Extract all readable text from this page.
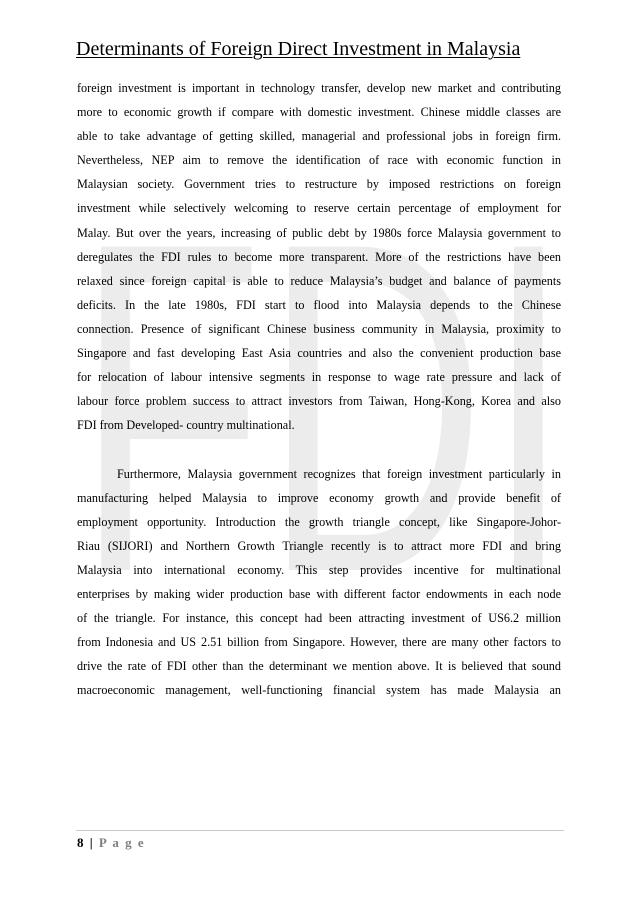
FDI
Determinants of Foreign Direct Investment in Malaysia
foreign investment is important in technology transfer, develop new market and contributing
more to economic growth if compare with domestic investment. Chinese middle classes are
able to take advantage of getting skilled, managerial and professional jobs in foreign firm.
Nevertheless, NEP aim to remove the identification of race with economic function in
Malaysian society. Government tries to restructure by imposed restrictions on foreign
investment while selectively welcoming to reserve certain percentage of employment for
Malay. But over the years, increasing of public debt by 1980s force Malaysia government to
deregulates the FDI rules to become more transparent. More of the restrictions have been
relaxed since foreign capital is able to reduce Malaysia’s budget and balance of payments
deficits. In the late 1980s, FDI start to flood into Malaysia depends to the Chinese
connection. Presence of significant Chinese business community in Malaysia, proximity to
Singapore and fast developing East Asia countries and also the convenient production base
for relocation of labour intensive segments in response to wage rate pressure and lack of
labour force problem success to attract investors from Taiwan, Hong-Kong, Korea and also
FDI from Developed- country multinational.
Furthermore, Malaysia government recognizes that foreign investment particularly in
manufacturing helped Malaysia to improve economy growth and provide benefit of
employment opportunity. Introduction the growth triangle concept, like Singapore-Johor-
Riau (SIJORI) and Northern Growth Triangle recently is to attract more FDI and bring
Malaysia into international economy. This step provides incentive for multinational
enterprises by making wider production base with different factor endowments in each node
of the triangle. For instance, this concept had been attracting investment of US6.2 million
from Indonesia and US 2.51 billion from Singapore. However, there are many other factors to
drive the rate of FDI other than the determinant we mention above. It is believed that sound
macroeconomic management, well-functioning financial system has made Malaysia an
8 | P a g e
